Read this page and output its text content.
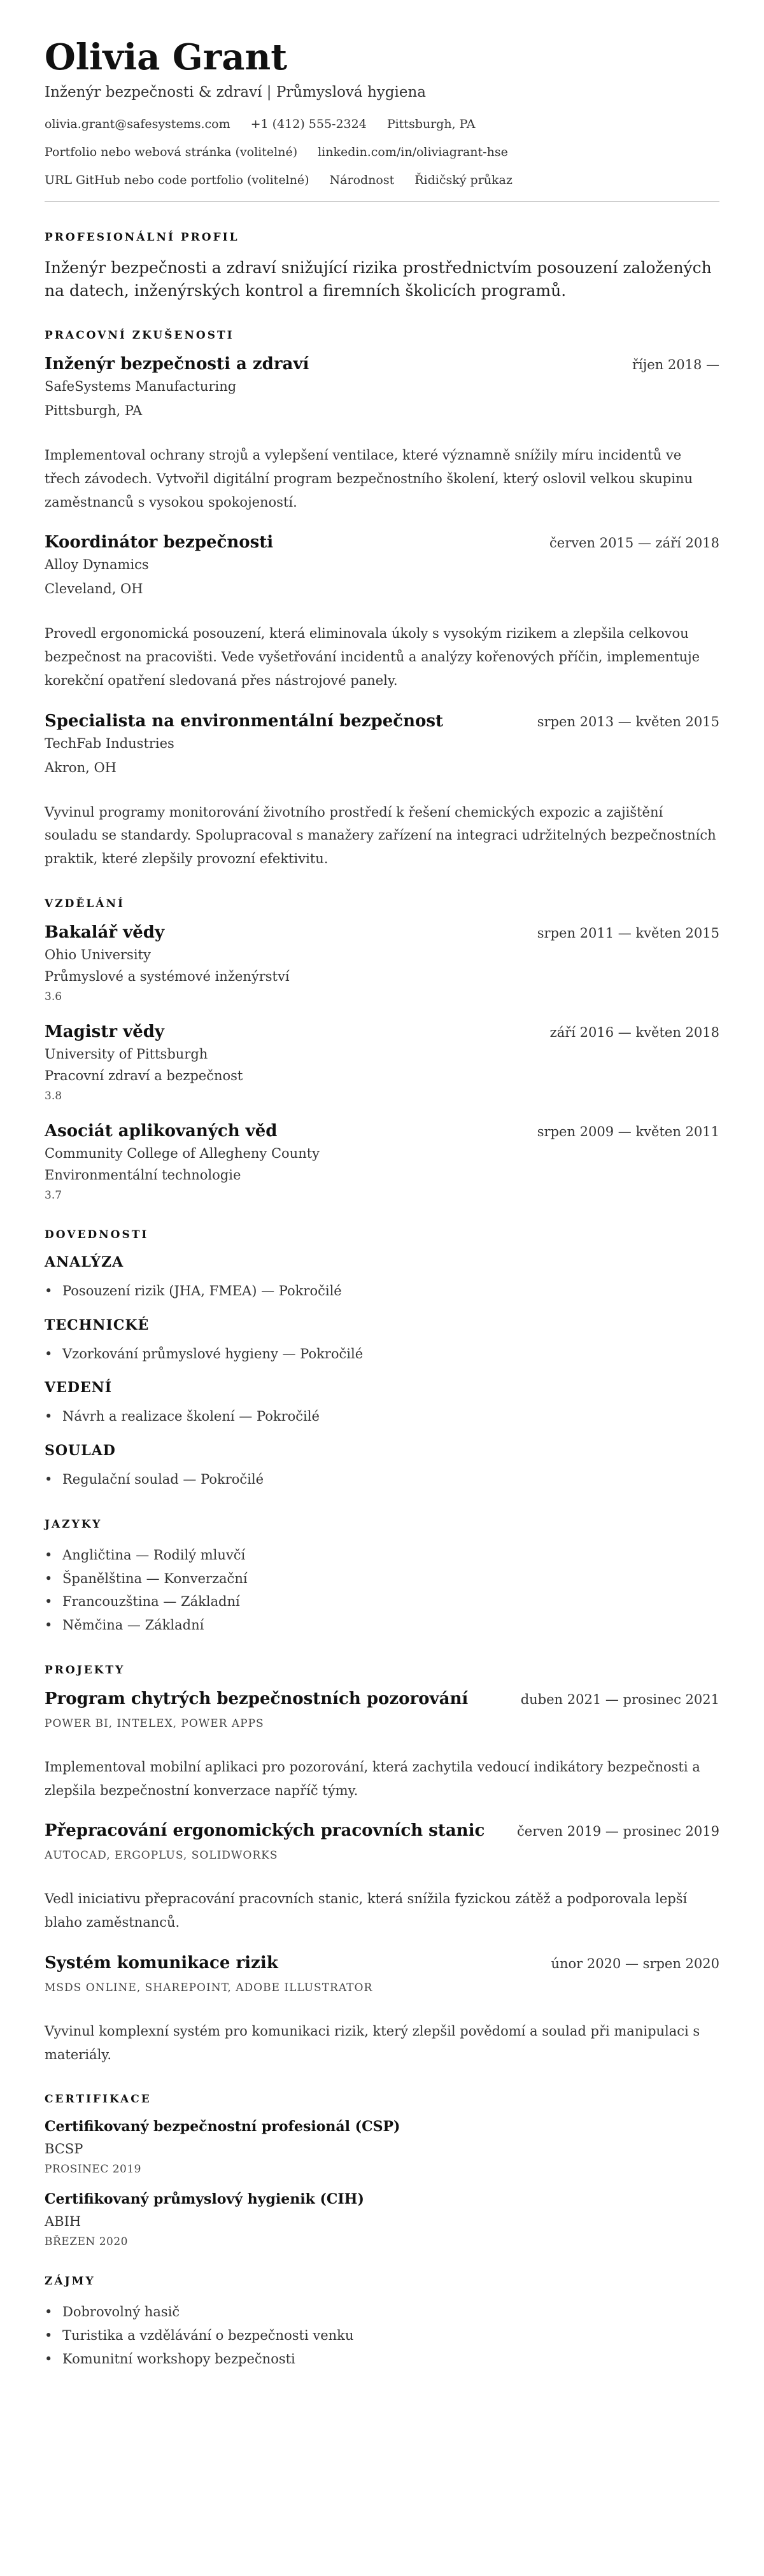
Olivia Grant
Inženýr bezpečnosti & zdraví | Průmyslová hygiena
olivia.grant@safesystems.com +1 (412) 555-2324 Pittsburgh, PA
Portfolio nebo webová stránka (volitelné) linkedin.com/in/oliviagrant-hse
URL GitHub nebo code portfolio (volitelné) Národnost Řidičský průkaz
PROFESIONÁLNÍ PROFIL

Inženýr bezpečnosti a zdraví snižující rizika prostřednictvím posouzení založených na datech, inženýrských kontrol a firemních školicích programů.

PRACOVNÍ ZKUŠENOSTI
Inženýr bezpečnosti a zdraví	říjen 2018 —
SafeSystems Manufacturing
Pittsburgh, PA

Implementoval ochrany strojů a vylepšení ventilace, které významně snížily míru incidentů ve třech závodech. Vytvořil digitální program bezpečnostního školení, který oslovil velkou skupinu zaměstnanců s vysokou spokojeností.

Koordinátor bezpečnosti	červen 2015 — září 2018
Alloy Dynamics
Cleveland, OH

Provedl ergonomická posouzení, která eliminovala úkoly s vysokým rizikem a zlepšila celkovou bezpečnost na pracovišti. Vede vyšetřování incidentů a analýzy kořenových příčin, implementuje korekční opatření sledovaná přes nástrojové panely.

Specialista na environmentální bezpečnost	srpen 2013 — květen 2015
TechFab Industries
Akron, OH

Vyvinul programy monitorování životního prostředí k řešení chemických expozic a zajištění souladu se standardy. Spolupracoval s manažery zařízení na integraci udržitelných bezpečnostních praktik, které zlepšily provozní efektivitu.

VZDĚLÁNÍ
Bakalář vědy	srpen 2011 — květen 2015
Ohio University
Průmyslové a systémové inženýrství
3.6
Magistr vědy	září 2016 — květen 2018
University of Pittsburgh
Pracovní zdraví a bezpečnost
3.8
Asociát aplikovaných věd	srpen 2009 — květen 2011
Community College of Allegheny County
Environmentální technologie
3.7
DOVEDNOSTI
ANALÝZA
• Posouzení rizik (JHA, FMEA) — Pokročilé
TECHNICKÉ
• Vzorkování průmyslové hygieny — Pokročilé
VEDENÍ
• Návrh a realizace školení — Pokročilé
SOULAD
• Regulační soulad — Pokročilé
JAZYKY
• Angličtina — Rodilý mluvčí
• Španělština — Konverzační
• Francouzština — Základní
• Němčina — Základní
PROJEKTY
Program chytrých bezpečnostních pozorování	duben 2021 — prosinec 2021
POWER BI, INTELEX, POWER APPS

Implementoval mobilní aplikaci pro pozorování, která zachytila vedoucí indikátory bezpečnosti a zlepšila bezpečnostní konverzace napříč týmy.

Přepracování ergonomických pracovních stanic červen 2019 — prosinec 2019
AUTOCAD, ERGOPLUS, SOLIDWORKS

Vedl iniciativu přepracování pracovních stanic, která snížila fyzickou zátěž a podporovala lepší blaho zaměstnanců.

Systém komunikace rizik	únor 2020 — srpen 2020
MSDS ONLINE, SHAREPOINT, ADOBE ILLUSTRATOR

Vyvinul komplexní systém pro komunikaci rizik, který zlepšil povědomí a soulad při manipulaci s materiály.

CERTIFIKACE
Certifikovaný bezpečnostní profesionál (CSP)
BCSP
PROSINEC 2019
Certifikovaný průmyslový hygienik (CIH)
ABIH
BŘEZEN 2020
ZÁJMY
• Dobrovolný hasič
• Turistika a vzdělávání o bezpečnosti venku
• Komunitní workshopy bezpečnosti
